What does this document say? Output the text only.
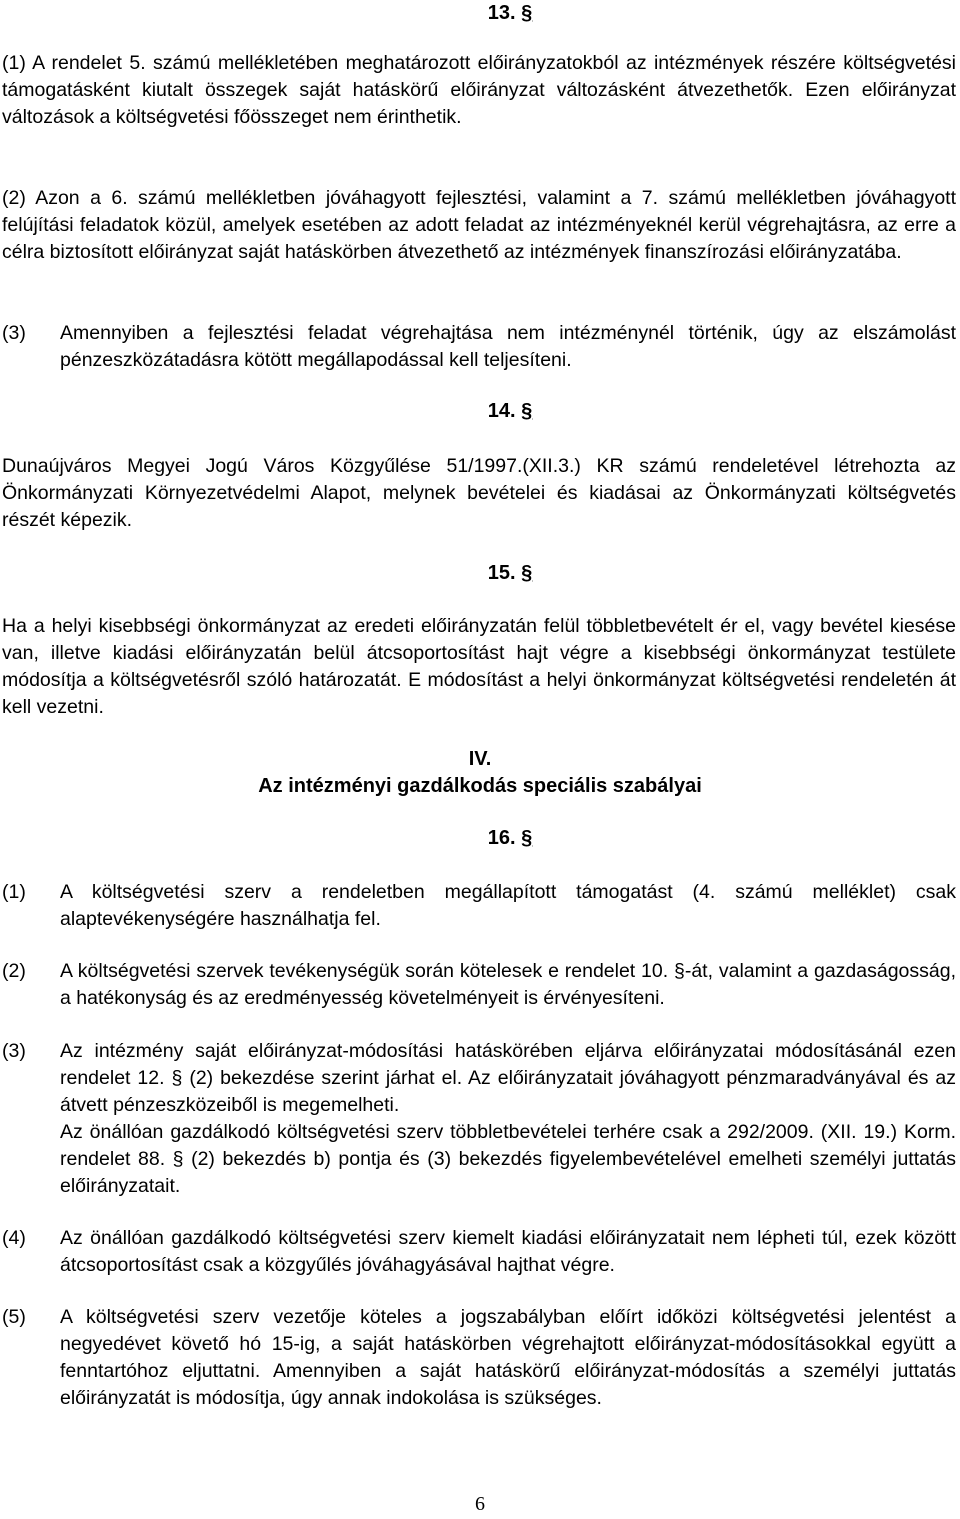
13. §

(1) A rendelet 5. számú mellékletében meghatározott előirányzatokból az intézmények részére költségvetési támogatásként kiutalt összegek saját hatáskörű előirányzat változásként átvezethetők. Ezen előirányzat változások a költségvetési főösszeget nem érinthetik.

(2) Azon a 6. számú mellékletben jóváhagyott fejlesztési, valamint a 7. számú mellékletben jóváhagyott felújítási feladatok közül, amelyek esetében az adott feladat az intézményeknél kerül végrehajtásra, az erre a célra biztosított előirányzat saját hatáskörben átvezethető az intézmények finanszírozási előirányzatába.

(3) Amennyiben a fejlesztési feladat végrehajtása nem intézménynél történik, úgy az elszámolást pénzeszközátadásra kötött megállapodással kell teljesíteni.

14. §

Dunaújváros Megyei Jogú Város Közgyűlése 51/1997.(XII.3.) KR számú rendeletével létrehozta az Önkormányzati Környezetvédelmi Alapot, melynek bevételei és kiadásai az Önkormányzati költségvetés részét képezik.

15. §

Ha a helyi kisebbségi önkormányzat az eredeti előirányzatán felül többletbevételt ér el, vagy bevétel kiesése van, illetve kiadási előirányzatán belül átcsoportosítást hajt végre a kisebbségi önkormányzat testülete módosítja a költségvetésről szóló határozatát. E módosítást a helyi önkormányzat költségvetési rendeletén át kell vezetni.

IV.
Az intézményi gazdálkodás speciális szabályai
16. §
(1) A költségvetési szerv a rendeletben megállapított támogatást (4. számú melléklet) csak alaptevékenységére használhatja fel.

(2) A költségvetési szervek tevékenységük során kötelesek e rendelet 10. §-át, valamint a gazdaságosság, a hatékonyság és az eredményesség követelményeit is érvényesíteni.

(3) Az intézmény saját előirányzat-módosítási hatáskörében eljárva előirányzatai módosításánál ezen rendelet 12. § (2) bekezdése szerint járhat el. Az előirányzatait jóváhagyott pénzmaradványával és az átvett pénzeszközeiből is megemelheti.

Az önállóan gazdálkodó költségvetési szerv többletbevételei terhére csak a 292/2009. (XII. 19.) Korm. rendelet 88. § (2) bekezdés b) pontja és (3) bekezdés figyelembevételével emelheti személyi juttatás előirányzatait.

(4) Az önállóan gazdálkodó költségvetési szerv kiemelt kiadási előirányzatait nem lépheti túl, ezek között átcsoportosítást csak a közgyűlés jóváhagyásával hajthat végre.

(5) A költségvetési szerv vezetője köteles a jogszabályban előírt időközi költségvetési jelentést a negyedévet követő hó 15-ig, a saját hatáskörben végrehajtott előirányzat-módosításokkal együtt a fenntartóhoz eljuttatni. Amennyiben a saját hatáskörű előirányzat-módosítás a személyi juttatás előirányzatát is módosítja, úgy annak indokolása is szükséges.

6
